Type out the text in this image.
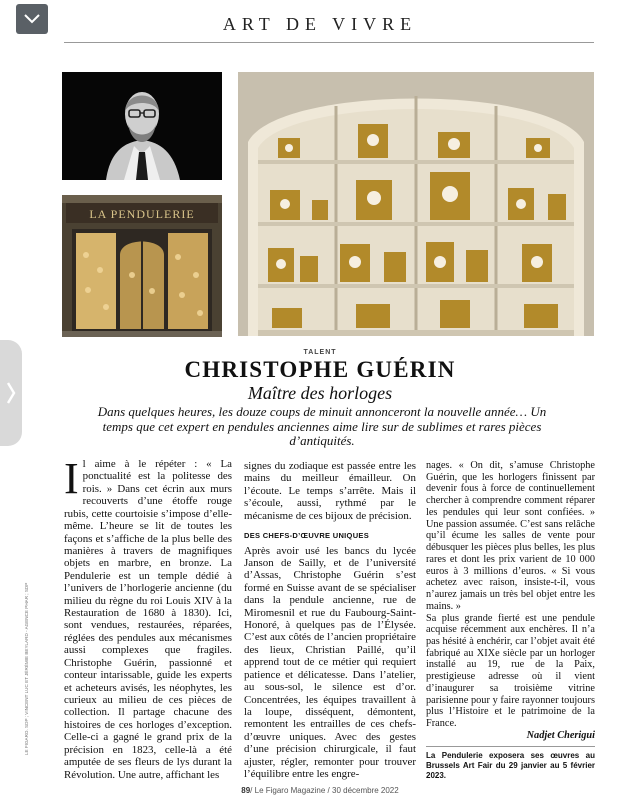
ART DE VIVRE
LA PENDULERIE
LE FIGARO. SDP ; VINCENT LUC ET JÉRÉMIE BEYLARD - AGENCE PHAR ; SDP
TALENT
CHRISTOPHE GUÉRIN
Maître des horloges
Dans quelques heures, les douze coups de minuit annonceront la nouvelle année… Un temps que cet expert en pendules anciennes aime lire sur de sublimes et rares pièces d’antiquités.

Il aime à le répéter : « La ponctualité est la politesse des rois. » Dans cet écrin aux murs recouverts d’une étoffe rouge rubis, cette courtoisie s’impose d’elle-même. L’heure se lit de toutes les façons et s’affiche de la plus belle des manières à travers de magnifiques objets en marbre, en bronze. La Pendulerie est un temple dédié à l’univers de l’horlogerie ancienne (du milieu du règne du roi Louis XIV à la Restauration de 1680 à 1830). Ici, sont vendues, restaurées, réparées, réglées des pendules aux mécanismes aussi complexes que fragiles. Christophe Guérin, passionné et conteur intarissable, guide les experts et acheteurs avisés, les néophytes, les curieux au milieu de ces pièces de collection. Il partage chacune des histoires de ces horloges d’exception. Celle-ci a gagné le grand prix de la précision en 1823, celle-là a été amputée de ses fleurs de lys durant la Révolution. Une autre, affichant les

signes du zodiaque est passée entre les mains du meilleur émailleur. On l’écoute. Le temps s’arrête. Mais il s’écoule, aussi, rythmé par le mécanisme de ces bijoux de précision.

DES CHEFS-D’ŒUVRE UNIQUES

Après avoir usé les bancs du lycée Janson de Sailly, et de l’université d’Assas, Christophe Guérin s’est formé en Suisse avant de se spécialiser dans la pendule ancienne, rue de Miromesnil et rue du Faubourg-Saint-Honoré, à quelques pas de l’Élysée. C’est aux côtés de l’ancien propriétaire des lieux, Christian Paillé, qu’il apprend tout de ce métier qui requiert patience et délicatesse. Dans l’atelier, au sous-sol, le silence est d’or. Concentrées, les équipes travaillent à la loupe, disséquent, démontent, remontent les entrailles de ces chefs-d’œuvre uniques. Avec des gestes d’une précision chirurgicale, il faut ajuster, régler, remonter pour trouver l’équilibre entre les engre-

nages. « On dit, s’amuse Christophe Guérin, que les horlogers finissent par devenir fous à force de continuellement chercher à comprendre comment réparer les pendules qui leur sont confiées. » Une passion assumée. C’est sans relâche qu’il écume les salles de vente pour débusquer les pièces plus belles, les plus rares et dont les prix varient de 10 000 euros à 3 millions d’euros. « Si vous achetez avec raison, insiste-t-il, vous n’aurez jamais un très bel objet entre les mains. »

Sa plus grande fierté est une pendule acquise récemment aux enchères. Il n’a pas hésité à enchérir, car l’objet avait été fabriqué au XIXe siècle par un horloger installé au 19, rue de la Paix, prestigieuse adresse où il vient d’inaugurer sa troisième vitrine parisienne pour y faire rayonner toujours plus l’Histoire et le patrimoine de la France.

Nadjet Cherigui

La Pendulerie exposera ses œuvres au Brussels Art Fair du 29 janvier au 5 février 2023.

89/ Le Figaro Magazine / 30 décembre 2022
